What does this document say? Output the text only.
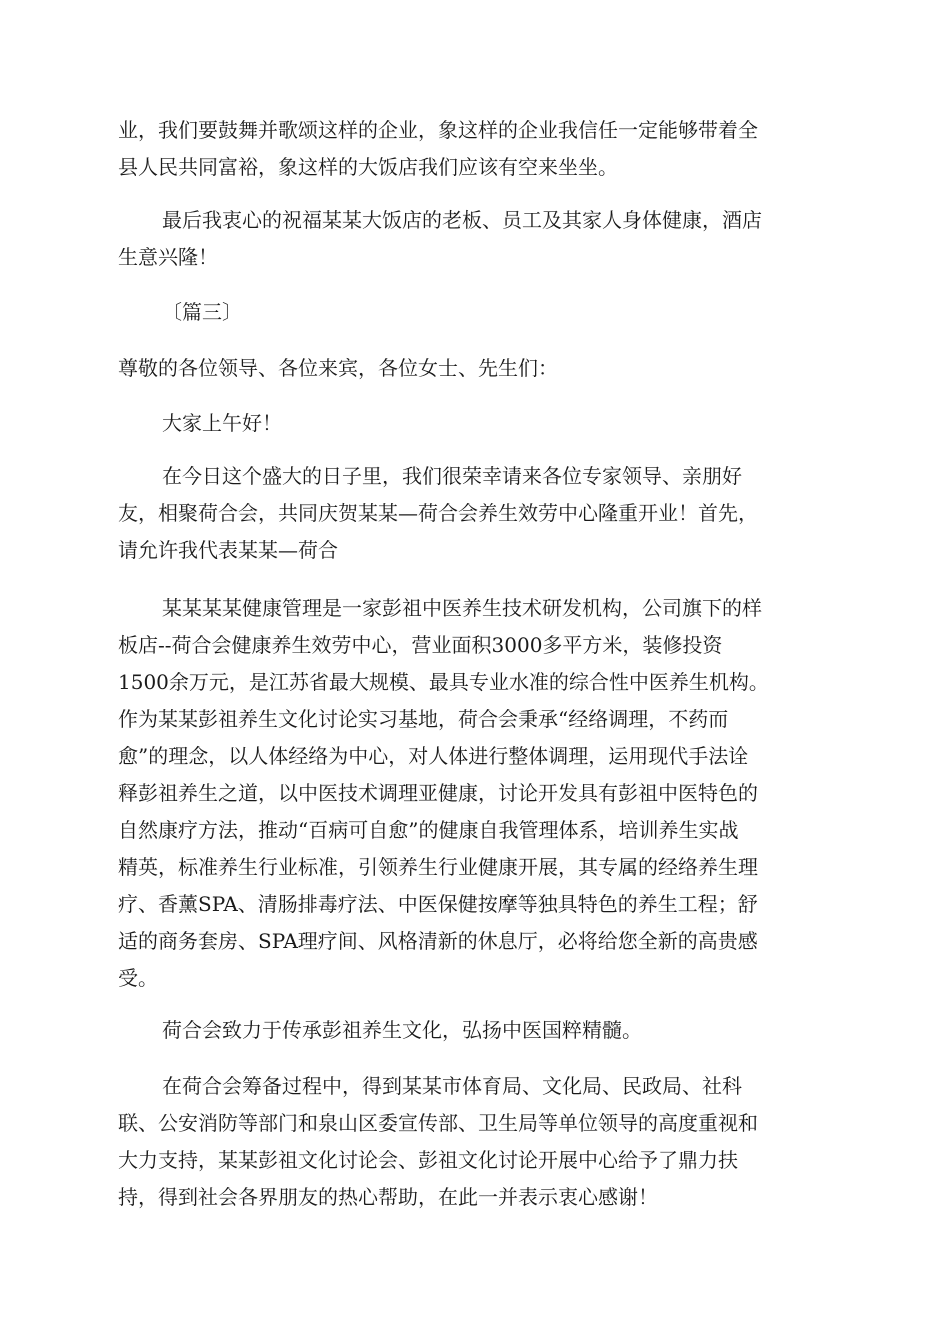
业，我们要鼓舞并歌颂这样的企业，象这样的企业我信任一定能够带着全
县人民共同富裕，象这样的大饭店我们应该有空来坐坐。
最后我衷心的祝福某某大饭店的老板、员工及其家人身体健康，酒店
生意兴隆！
〔篇三〕
尊敬的各位领导、各位来宾，各位女士、先生们：
大家上午好！
在今日这个盛大的日子里，我们很荣幸请来各位专家领导、亲朋好
友，相聚荷合会，共同庆贺某某—荷合会养生效劳中心隆重开业！首先，
请允许我代表某某—荷合
某某某某健康管理是一家彭祖中医养生技术研发机构，公司旗下的样
板店--荷合会健康养生效劳中心，营业面积3000多平方米，装修投资
1500余万元，是江苏省最大规模、最具专业水准的综合性中医养生机构。
作为某某彭祖养生文化讨论实习基地，荷合会秉承“经络调理，不药而
愈”的理念，以人体经络为中心，对人体进行整体调理，运用现代手法诠
释彭祖养生之道，以中医技术调理亚健康，讨论开发具有彭祖中医特色的
自然康疗方法，推动“百病可自愈”的健康自我管理体系，培训养生实战
精英，标准养生行业标准，引领养生行业健康开展，其专属的经络养生理
疗、香薰SPA、清肠排毒疗法、中医保健按摩等独具特色的养生工程；舒
适的商务套房、SPA理疗间、风格清新的休息厅，必将给您全新的高贵感
受。
荷合会致力于传承彭祖养生文化，弘扬中医国粹精髓。
在荷合会筹备过程中，得到某某市体育局、文化局、民政局、社科
联、公安消防等部门和泉山区委宣传部、卫生局等单位领导的高度重视和
大力支持，某某彭祖文化讨论会、彭祖文化讨论开展中心给予了鼎力扶
持，得到社会各界朋友的热心帮助，在此一并表示衷心感谢！
